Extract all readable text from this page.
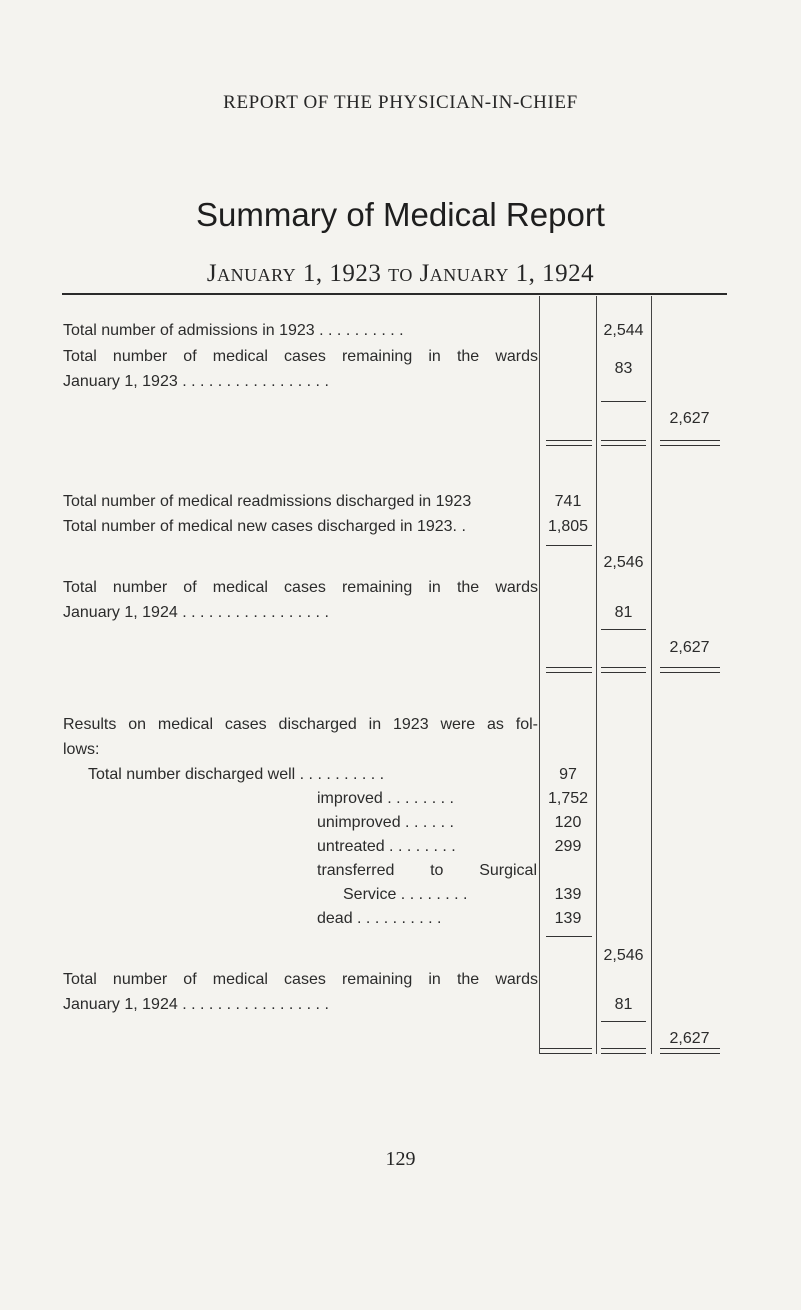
REPORT OF THE PHYSICIAN-IN-CHIEF
Summary of Medical Report
January 1, 1923 to January 1, 1924
Total number of admissions in 1923 . . . . . . . . . .	2,544
Total number of medical cases remaining in the wards
January 1, 1923 . . . . . . . . . . . . . . . . .
83
2,627
Total number of medical readmissions discharged in 1923	741
Total number of medical new cases discharged in 1923. .	1,805
2,546
Total number of medical cases remaining in the wards
January 1, 1924 . . . . . . . . . . . . . . . . .	81
2,627
Results on medical cases discharged in 1923 were as fol-
lows:
Total number discharged well . . . . . . . . . .	97
improved . . . . . . . .	1,752
unimproved . . . . . .	120
untreated . . . . . . . .	299
transferred to Surgical
Service . . . . . . . .	139
dead . . . . . . . . . .	139
2,546
Total number of medical cases remaining in the wards
January 1, 1924 . . . . . . . . . . . . . . . . .	81
2,627
129
